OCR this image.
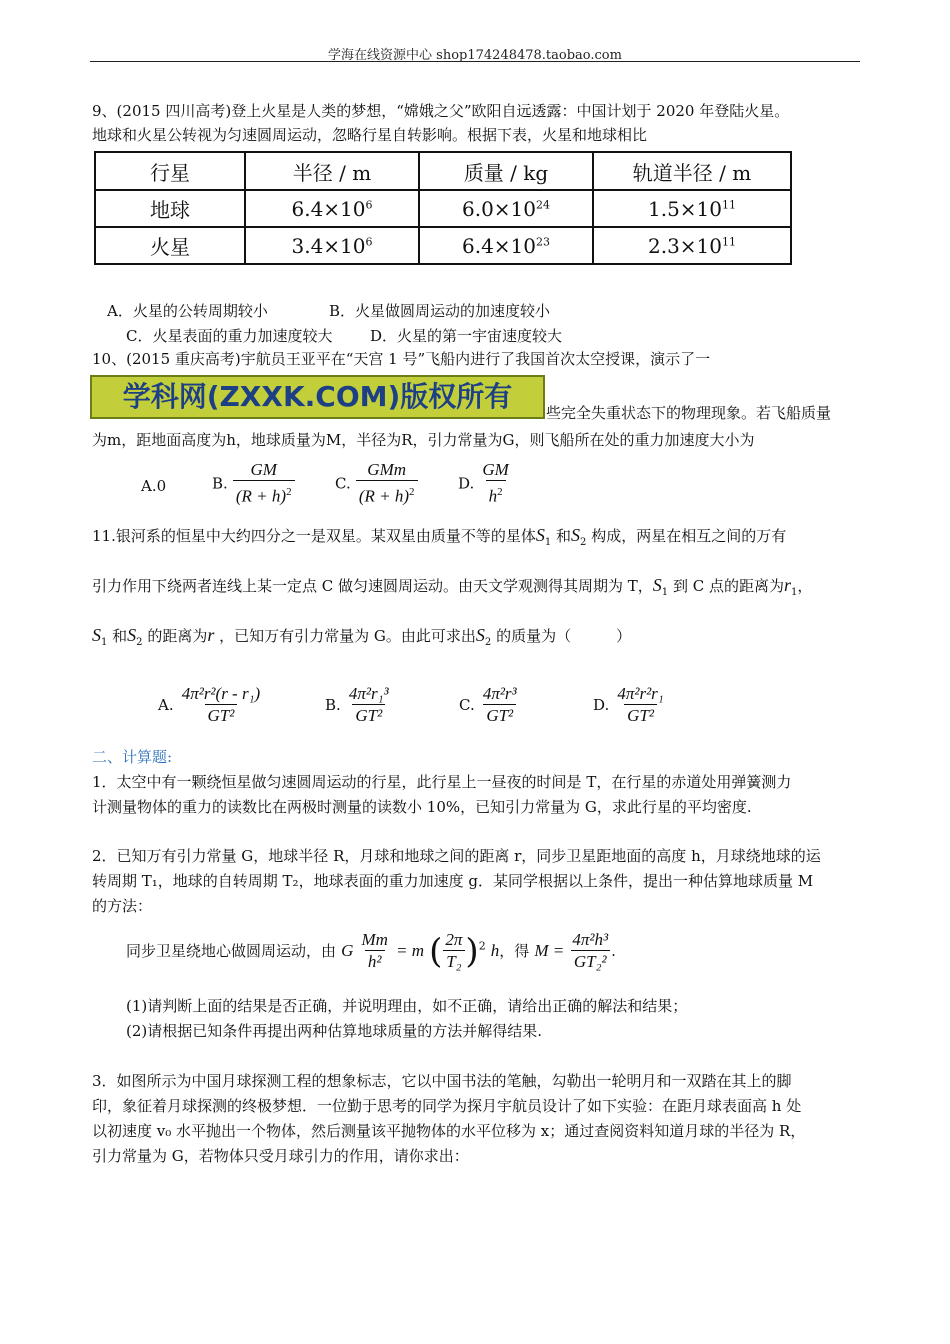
学海在线资源中心 shop174248478.taobao.com
9、(2015 四川高考)登上火星是人类的梦想，“嫦娥之父”欧阳自远透露：中国计划于 2020 年登陆火星。
地球和火星公转视为匀速圆周运动，忽略行星自转影响。根据下表，火星和地球相比
行星	半径 / m	质量 / kg	轨道半径 / m
地球	$6.4\times 10^6$	$6.0\times 10^{24}$	$1.5\times 10^{11}$
火星	$3.4\times 10^6$	$6.4\times 10^{23}$	$2.3\times 10^{11}$
A．火星的公转周期较小	B．火星做圆周运动的加速度较小
C．火星表面的重力加速度较大	D．火星的第一宇宙速度较大
10、(2015 重庆高考)宇航员王亚平在“天宫 1 号”飞船内进行了我国首次太空授课，演示了一
学科网(ZXXK.COM)版权所有	些完全失重状态下的物理现象。若飞船质量
为m，距地面高度为h，地球质量为M，半径为R，引力常量为G，则飞船所在处的重力加速度大小为
A.0	B. $\frac{GM}{(R + h)^2}$	C. $\frac{\text{GMm}}{(R + h)^2}$	D. $\frac{GM}{h^2}$
11.银河系的恒星中大约四分之一是双星。某双星由质量不等的星体$S_1$ 和$S_2$ 构成，两星在相互之间的万有
引力作用下绕两者连线上某一定点 C 做匀速圆周运动。由天文学观测得其周期为 T，$S_1$ 到 C 点的距离为$r_1$，
$S_1$ 和$S_2$ 的距离为r ，已知万有引力常量为 G。由此可求出$S_2$ 的质量为（　　　）
A. $\frac{\text{4π²r²(r - r₁)}}{\text{GT²}}$	B. $\frac{\text{4π²r₁³}}{\text{GT²}}$	C. $\frac{\text{4π²r³}}{\text{GT²}}$	D. $\frac{\text{4π²r²r₁}}{\text{GT²}}$
二、计算题:
1．太空中有一颗绕恒星做匀速圆周运动的行星，此行星上一昼夜的时间是 T，在行星的赤道处用弹簧测力
计测量物体的重力的读数比在两极时测量的读数小 10%，已知引力常量为 G，求此行星的平均密度.
2．已知万有引力常量 G，地球半径 R，月球和地球之间的距离 r，同步卫星距地面的高度 h，月球绕地球的运
转周期 T₁，地球的自转周期 T₂，地球表面的重力加速度 g．某同学根据以上条件，提出一种估算地球质量 M
的方法：
同步卫星绕地心做圆周运动，由 G $\frac{Mm}{\text{h²}} = m$ ( $\frac{2\pi}{\text{T₂}} )^2$ h，得 $M = \frac{\text{4π²h³}}{\text{GT₂²}}$ .
(1)请判断上面的结果是否正确，并说明理由，如不正确，请给出正确的解法和结果；
(2)请根据已知条件再提出两种估算地球质量的方法并解得结果.
3．如图所示为中国月球探测工程的想象标志，它以中国书法的笔触，勾勒出一轮明月和一双踏在其上的脚
印，象征着月球探测的终极梦想．一位勤于思考的同学为探月宇航员设计了如下实验：在距月球表面高 h 处
以初速度 v₀ 水平抛出一个物体，然后测量该平抛物体的水平位移为 x；通过查阅资料知道月球的半径为 R，
引力常量为 G，若物体只受月球引力的作用，请你求出：
